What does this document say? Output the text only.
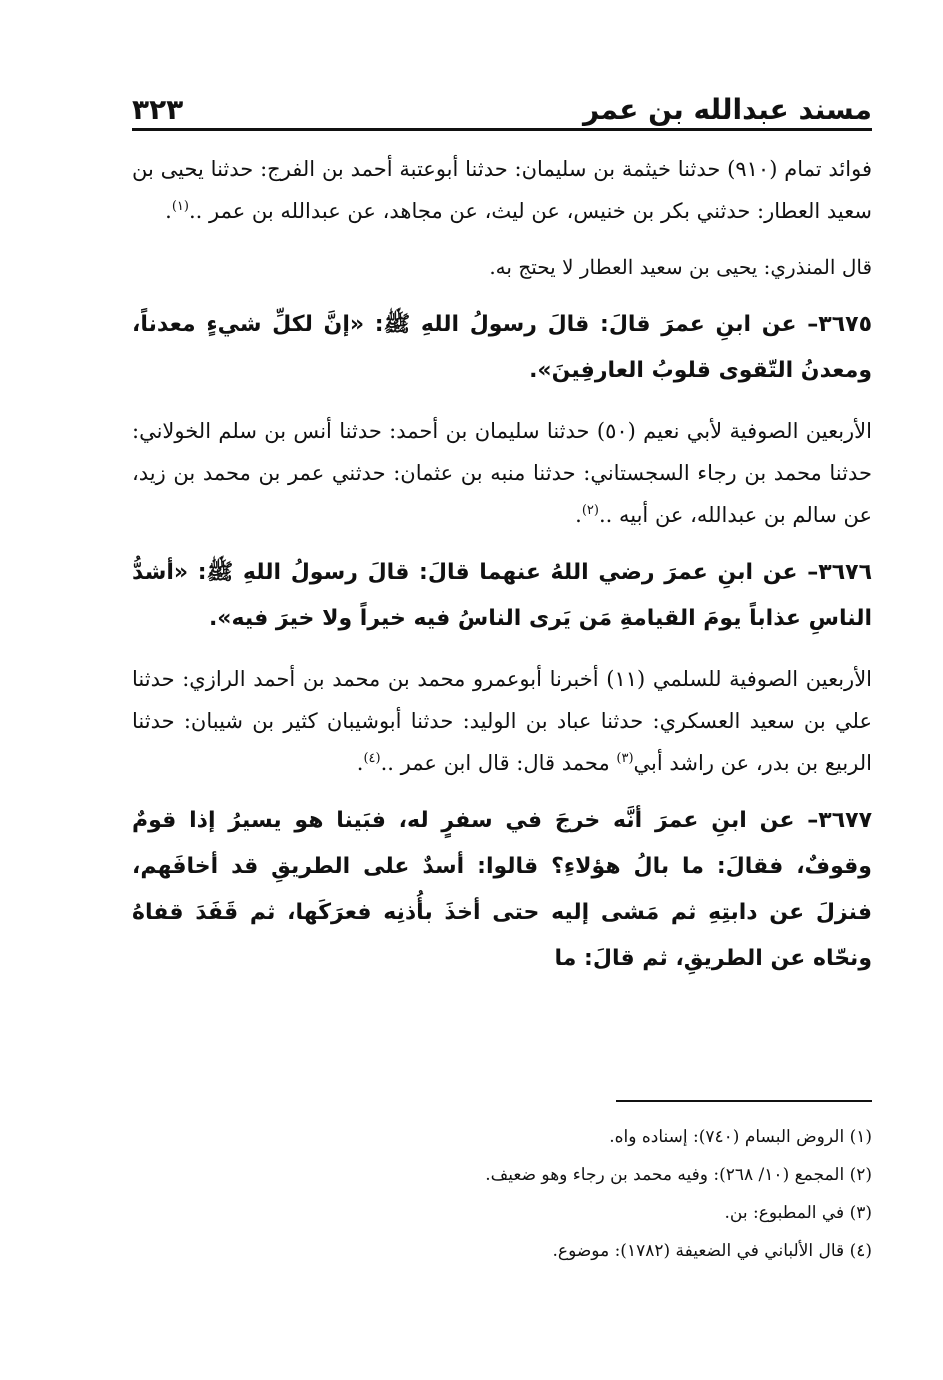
مسند عبدالله بن عمر
٣٢٣
فوائد تمام (٩١٠) حدثنا خيثمة بن سليمان: حدثنا أبوعتبة أحمد بن الفرج: حدثنا يحيى بن سعيد العطار: حدثني بكر بن خنيس، عن ليث، عن مجاهد، عن عبدالله بن عمر ..$^{(١)}$.
قال المنذري: يحيى بن سعيد العطار لا يحتج به.
٣٦٧٥– عن ابنِ عمرَ قالَ: قالَ رسولُ اللهِ ﷺ: «إنَّ لكلِّ شيءٍ معدناً، ومعدنُ التّقوى قلوبُ العارفِينَ».
الأربعين الصوفية لأبي نعيم (٥٠) حدثنا سليمان بن أحمد: حدثنا أنس بن سلم الخولاني: حدثنا محمد بن رجاء السجستاني: حدثنا منبه بن عثمان: حدثني عمر بن محمد بن زيد، عن سالم بن عبدالله، عن أبيه ..$^{(٢)}$.
٣٦٧٦– عن ابنِ عمرَ رضي اللهُ عنهما قالَ: قالَ رسولُ اللهِ ﷺ: «أشدُّ الناسِ عذاباً يومَ القيامةِ مَن يَرى الناسُ فيه خيراً ولا خيرَ فيه».
الأربعين الصوفية للسلمي (١١) أخبرنا أبوعمرو محمد بن محمد بن أحمد الرازي: حدثنا علي بن سعيد العسكري: حدثنا عباد بن الوليد: حدثنا أبوشيبان كثير بن شيبان: حدثنا الربيع بن بدر، عن راشد أبي$^{(٣)}$ محمد قال: قال ابن عمر ..$^{(٤)}$.
٣٦٧٧– عن ابنِ عمرَ أنَّه خرجَ في سفرٍ له، فبَينا هو يسيرُ إذا قومٌ وقوفٌ، فقالَ: ما بالُ هؤلاءِ؟ قالوا: أسدٌ على الطريقِ قد أخافَهم، فنزلَ عن دابتِهِ ثم مَشى إليه حتى أخذَ بأُذنِه فعرَكَها، ثم قَفَدَ قفاهُ ونحّاه عن الطريقِ، ثم قالَ: ما
(١) الروض البسام (٧٤٠): إسناده واه.
(٢) المجمع (١٠/ ٢٦٨): وفيه محمد بن رجاء وهو ضعيف.
(٣) في المطبوع: بن.
(٤) قال الألباني في الضعيفة (١٧٨٢): موضوع.
